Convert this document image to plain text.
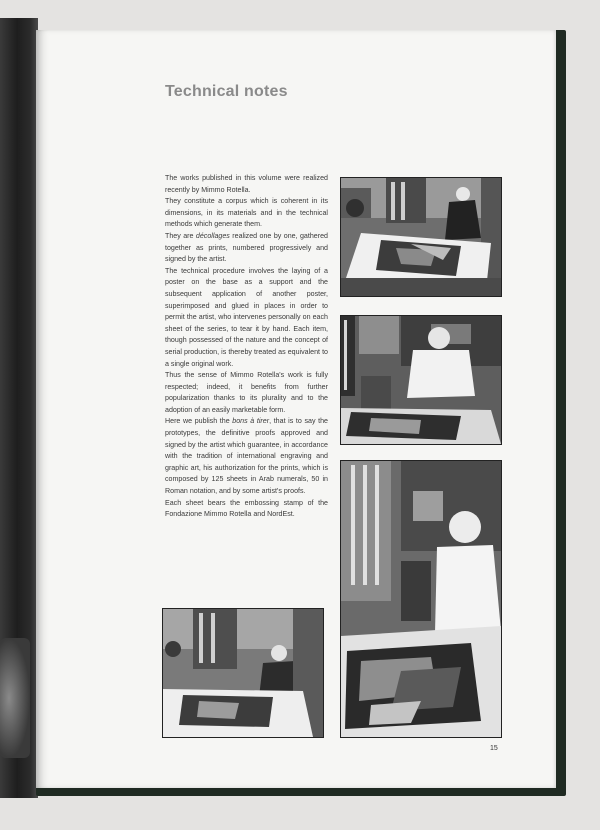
Technical notes

The works published in this volume were realized recently by Mimmo Rotella.

They constitute a corpus which is coherent in its dimensions, in its materials and in the technical methods which generate them.

They are décollages realized one by one, gathered together as prints, numbered progressively and signed by the artist.

The technical procedure involves the laying of a poster on the base as a support and the subsequent application of another poster, superimposed and glued in places in order to permit the artist, who intervenes personally on each sheet of the series, to tear it by hand. Each item, though possessed of the nature and the concept of serial production, is thereby treated as equivalent to a single original work.

Thus the sense of Mimmo Rotella's work is fully respected; indeed, it benefits from further popularization thanks to its plurality and to the adoption of an easily marketable form.

Here we publish the bons à tirer, that is to say the prototypes, the definitive proofs approved and signed by the artist which guarantee, in accordance with the tradition of international engraving and graphic art, his authorization for the prints, which is composed by 125 sheets in Arab numerals, 50 in Roman notation, and by some artist's proofs.

Each sheet bears the embossing stamp of the Fondazione Mimmo Rotella and NordEst.

15
